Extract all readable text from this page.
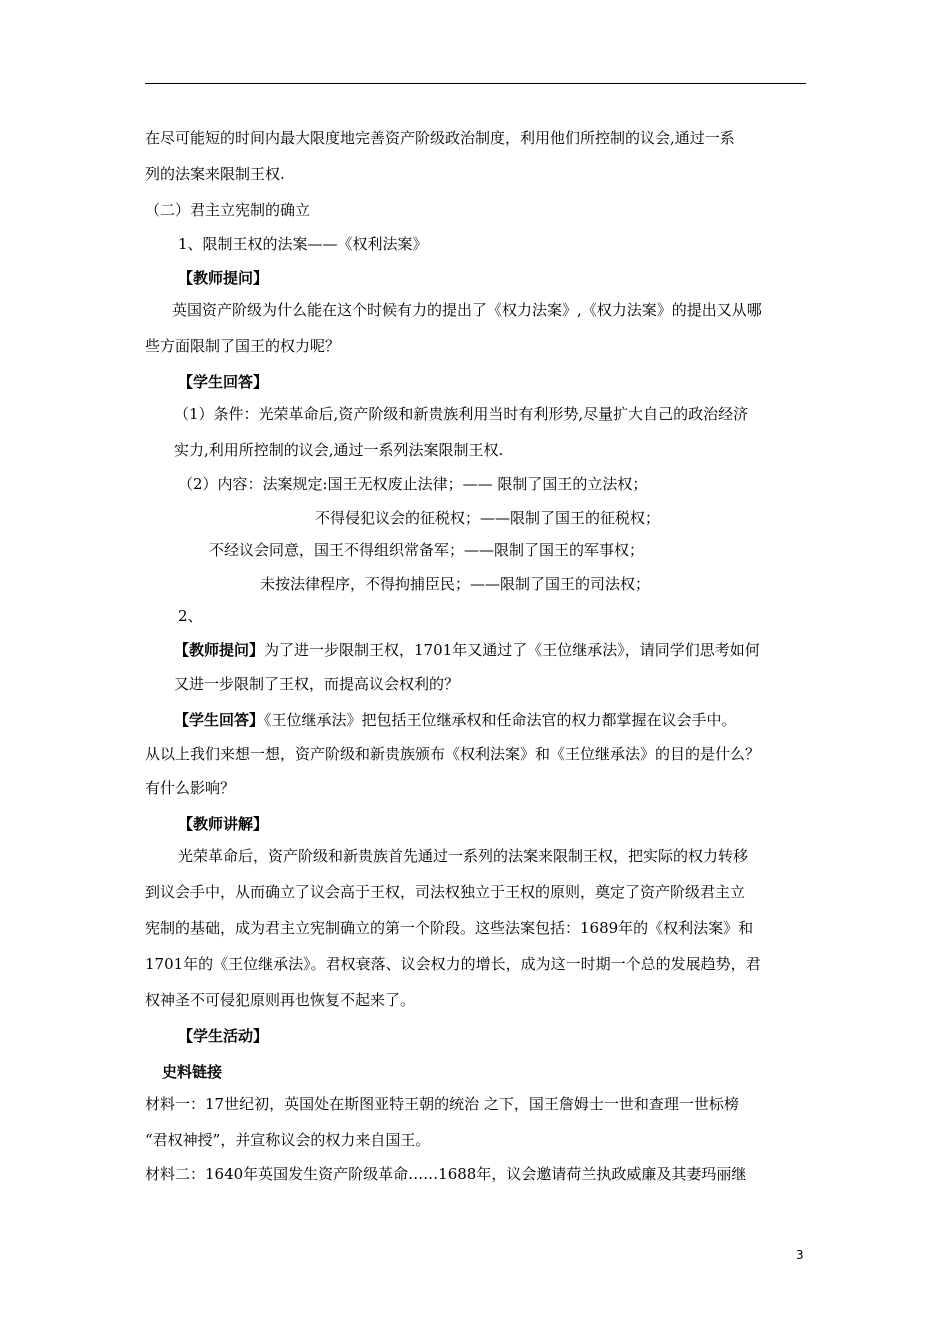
在尽可能短的时间内最大限度地完善资产阶级政治制度，利用他们所控制的议会,通过一系
列的法案来限制王权.
（二）君主立宪制的确立
1、限制王权的法案——《权利法案》
【教师提问】
英国资产阶级为什么能在这个时候有力的提出了《权力法案》,《权力法案》的提出又从哪
些方面限制了国王的权力呢？
【学生回答】
（1）条件：光荣革命后,资产阶级和新贵族利用当时有利形势,尽量扩大自己的政治经济
实力,利用所控制的议会,通过一系列法案限制王权.
（2）内容：法案规定:国王无权废止法律；—— 限制了国王的立法权；
不得侵犯议会的征税权；——限制了国王的征税权；
不经议会同意，国王不得组织常备军；——限制了国王的军事权；
未按法律程序，不得拘捕臣民；——限制了国王的司法权；
2、
【教师提问】为了进一步限制王权，1701年又通过了《王位继承法》，请同学们思考如何
又进一步限制了王权，而提高议会权利的？
【学生回答】《王位继承法》把包括王位继承权和任命法官的权力都掌握在议会手中。
从以上我们来想一想，资产阶级和新贵族颁布《权利法案》和《王位继承法》的目的是什么？
有什么影响？
【教师讲解】
光荣革命后，资产阶级和新贵族首先通过一系列的法案来限制王权，把实际的权力转移
到议会手中，从而确立了议会高于王权，司法权独立于王权的原则，奠定了资产阶级君主立
宪制的基础，成为君主立宪制确立的第一个阶段。这些法案包括：1689年的《权利法案》和
1701年的《王位继承法》。君权衰落、议会权力的增长，成为这一时期一个总的发展趋势，君
权神圣不可侵犯原则再也恢复不起来了。
【学生活动】
史料链接
材料一：17世纪初，英国处在斯图亚特王朝的统治 之下，国王詹姆士一世和查理一世标榜
“君权神授”，并宣称议会的权力来自国王。
材料二：1640年英国发生资产阶级革命……1688年，议会邀请荷兰执政威廉及其妻玛丽继
3
